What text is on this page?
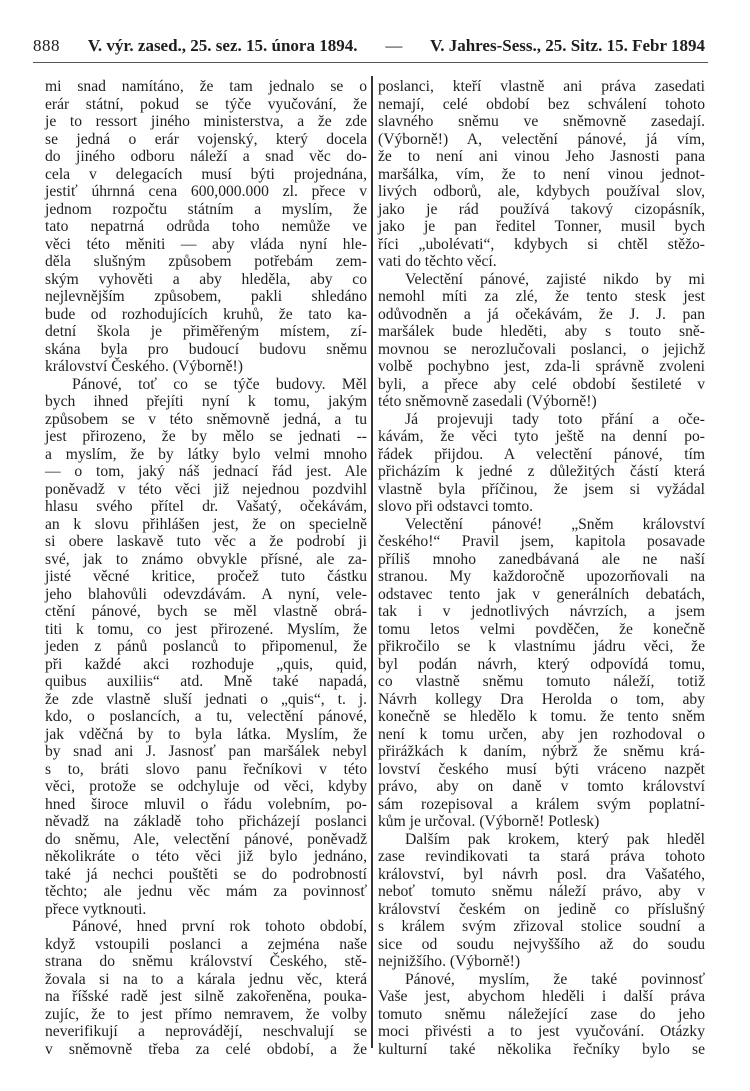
888 V. výr. zased., 25. sez. 15. února 1894. — V. Jahres-Sess., 25. Sitz. 15. Febr 1894
mi snad namítáno, že tam jednalo se o
erár státní, pokud se týče vyučování, že
je to ressort jiného ministerstva, a že zde
se jedná o erár vojenský, který docela
do jiného odboru náleží a snad věc do-
cela v delegacích musí býti projednána,
jestiť úhrnná cena 600,000.000 zl. přece v
jednom rozpočtu státním a myslím, že
tato nepatrná odrůda toho nemůže ve
věci této měniti — aby vláda nyní hle-
děla slušným způsobem potřebám zem-
ským vyhověti a aby hleděla, aby co
nejlevnějším způsobem, pakli shledáno
bude od rozhodujících kruhů, že tato ka-
detní škola je přiměřeným místem, zí-
skána byla pro budoucí budovu sněmu
království Českého. (Výborně!)
Pánové, toť co se týče budovy. Měl
bych ihned přejíti nyní k tomu, jakým
způsobem se v této sněmovně jedná, a tu
jest přirozeno, že by mělo se jednati --
a myslím, že by látky bylo velmi mnoho
— o tom, jaký náš jednací řád jest. Ale
poněvadž v této věci již nejednou pozdvihl
hlasu svého přítel dr. Vašatý, očekávám,
an k slovu přihlášen jest, že on specielně
si obere laskavě tuto věc a že podrobí ji
své, jak to známo obvykle přísné, ale za-
jisté věcné kritice, pročež tuto částku
jeho blahovůli odevzdávám. A nyní, vele-
ctění pánové, bych se měl vlastně obrá-
titi k tomu, co jest přirozené. Myslím, že
jeden z pánů poslanců to připomenul, že
při každé akci rozhoduje „quis, quid,
quibus auxiliis“ atd. Mně také napadá,
že zde vlastně sluší jednati o „quis“, t. j.
kdo, o poslancích, a tu, velectění pánové,
jak vděčná by to byla látka. Myslím, že
by snad ani J. Jasnosť pan maršálek nebyl
s to, bráti slovo panu řečníkovi v této
věci, protože se odchyluje od věci, kdyby
hned široce mluvil o řádu volebním, po-
něvadž na základě toho přicházejí poslanci
do sněmu, Ale, velectění pánové, poněvadž
několikráte o této věci již bylo jednáno,
také já nechci pouštěti se do podrobností
těchto; ale jednu věc mám za povinnosť
přece vytknouti.
Pánové, hned první rok tohoto období,
když vstoupili poslanci a zejména naše
strana do sněmu království Českého, stě-
žovala si na to a kárala jednu věc, která
na říšské radě jest silně zakořeněna, pouka-
zujíc, že to jest přímo nemravem, že volby
neverifikují a neprovádějí, neschvalují se
v sněmovně třeba za celé období, a že
poslanci, kteří vlastně ani práva zasedati
nemají, celé období bez schválení tohoto
slavného sněmu ve sněmovně zasedají.
(Výborně!) A, velectění pánové, já vím,
že to není ani vinou Jeho Jasnosti pana
maršálka, vím, že to není vinou jednot-
livých odborů, ale, kdybych používal slov,
jako je rád používá takový cizopásník,
jako je pan ředitel Tonner, musil bych
říci „ubolévati“, kdybych si chtěl stěžo-
vati do těchto věcí.
Velectění pánové, zajisté nikdo by mi
nemohl míti za zlé, že tento stesk jest
odůvodněn a já očekávám, že J. J. pan
maršálek bude hleděti, aby s touto sně-
movnou se nerozlučovali poslanci, o jejichž
volbě pochybno jest, zda-li správně zvoleni
byli, a přece aby celé období šestileté v
této sněmovně zasedali (Výborně!)
Já projevuji tady toto přání a oče-
kávám, že věci tyto ještě na denní po-
řádek přijdou. A velectění pánové, tím
přicházím k jedné z důležitých částí která
vlastně byla příčinou, že jsem si vyžádal
slovo při odstavci tomto.
Velectění pánové! „Sněm království
českého!“ Pravil jsem, kapitola posavade
příliš mnoho zanedbávaná ale ne naší
stranou. My každoročně upozorňovali na
odstavec tento jak v generálních debatách,
tak i v jednotlivých návrzích, a jsem
tomu letos velmi povděčen, že konečně
přikročilo se k vlastnímu jádru věci, že
byl podán návrh, který odpovídá tomu,
co vlastně sněmu tomuto náleží, totiž
Návrh kollegy Dra Herolda o tom, aby
konečně se hledělo k tomu. že tento sněm
není k tomu určen, aby jen rozhodoval o
přirážkách k daním, nýbrž že sněmu krá-
lovství českého musí býti vráceno nazpět
právo, aby on daně v tomto království
sám rozepisoval a králem svým poplatní-
kům je určoval. (Výborně! Potlesk)
Dalším pak krokem, který pak hleděl
zase revindikovati ta stará práva tohoto
království, byl návrh posl. dra Vašatého,
neboť tomuto sněmu náleží právo, aby v
království českém on jedině co příslušný
s králem svým zřizoval stolice soudní a
sice od soudu nejvyššího až do soudu
nejnižšího. (Výborně!)
Pánové, myslím, že také povinnosť
Vaše jest, abychom hleděli i další práva
tomuto sněmu náležející zase do jeho
moci přivésti a to jest vyučování. Otázky
kulturní také několika řečníky bylo se
